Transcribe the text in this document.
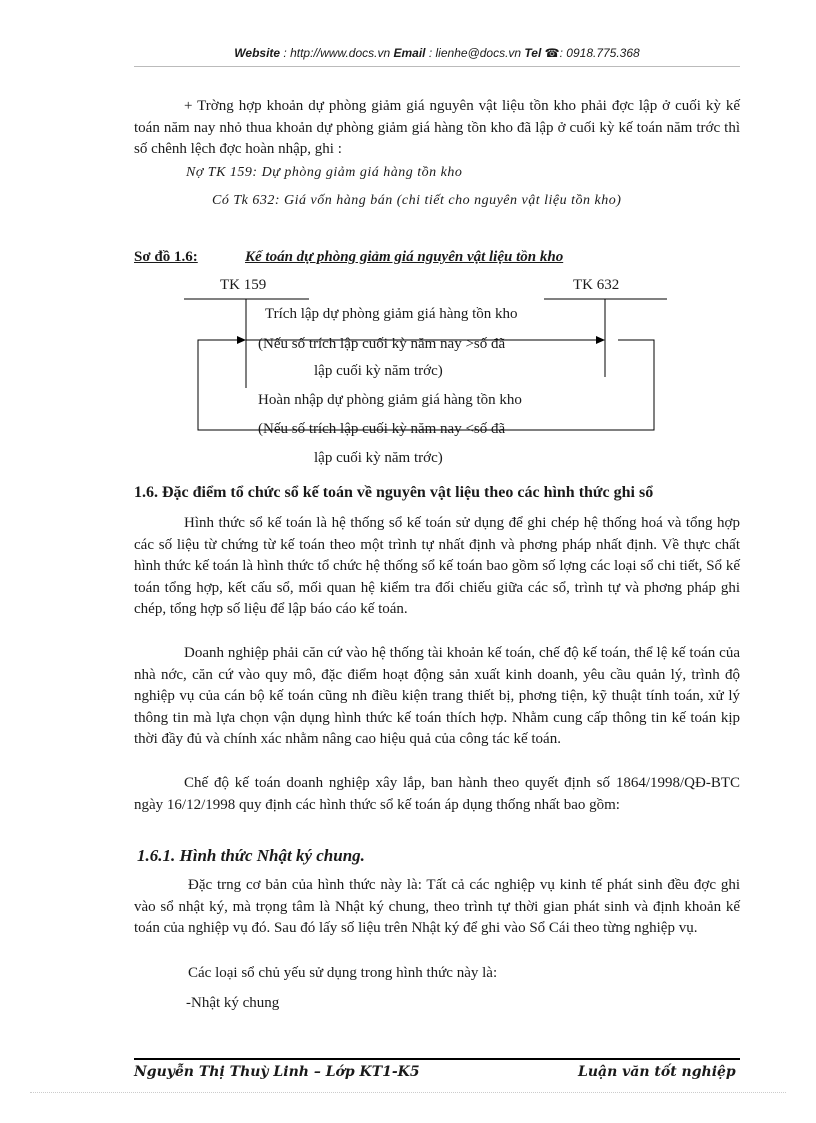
Website : http://www.docs.vn Email : lienhe@docs.vn Tel ☎: 0918.775.368

+ Trờng hợp khoản dự phòng giảm giá nguyên vật liệu tồn kho phải đợc lập ở cuối kỳ kế toán năm nay nhỏ thua khoản dự phòng giảm giá hàng tồn kho đã lập ở cuối kỳ kế toán năm trớc thì số chênh lệch đợc hoàn nhập, ghi :

Nợ TK 159: Dự phòng giảm giá hàng tồn kho
Có Tk 632: Giá vốn hàng bán (chi tiết cho nguyên vật liệu tồn kho)
Sơ đồ 1.6:	Kế toán dự phòng giảm giá nguyên vật liệu tồn kho
TK 159	TK 632
Trích lập dự phòng giảm giá hàng tồn kho
(Nếu số trích lập cuối kỳ năm nay >số đã
lập cuối kỳ năm trớc)
Hoàn nhập dự phòng giảm giá hàng tồn kho
(Nếu số trích lập cuối kỳ năm nay <số đã
lập cuối kỳ năm trớc)
1.6. Đặc điểm tổ chức sổ kế toán về nguyên vật liệu theo các hình thức ghi sổ

Hình thức sổ kế toán là hệ thống sổ kế toán sử dụng để ghi chép hệ thống hoá và tổng hợp các số liệu từ chứng từ kế toán theo một trình tự nhất định và phơng pháp nhất định. Về thực chất hình thức kế toán là hình thức tổ chức hệ thống sổ kế toán bao gồm số lợng các loại sổ chi tiết, Sổ kế toán tổng hợp, kết cấu sổ, mối quan hệ kiểm tra đối chiếu giữa các sổ, trình tự và phơng pháp ghi chép, tổng hợp số liệu để lập báo cáo kế toán.

Doanh nghiệp phải căn cứ vào hệ thống tài khoản kế toán, chế độ kế toán, thể lệ kế toán của nhà nớc, căn cứ vào quy mô, đặc điểm hoạt động sản xuất kinh doanh, yêu cầu quản lý, trình độ nghiệp vụ của cán bộ kế toán cũng nh điều kiện trang thiết bị, phơng tiện, kỹ thuật tính toán, xử lý thông tin mà lựa chọn vận dụng hình thức kế toán thích hợp. Nhằm cung cấp thông tin kế toán kịp thời đầy đủ và chính xác nhằm nâng cao hiệu quả của công tác kế toán.

Chế độ kế toán doanh nghiệp xây lắp, ban hành theo quyết định số 1864/1998/QĐ-BTC ngày 16/12/1998 quy định các hình thức sổ kế toán áp dụng thống nhất bao gồm:

1.6.1. Hình thức Nhật ký chung.

Đặc trng cơ bản của hình thức này là: Tất cả các nghiệp vụ kinh tế phát sinh đều đợc ghi vào sổ nhật ký, mà trọng tâm là Nhật ký chung, theo trình tự thời gian phát sinh và định khoản kế toán của nghiệp vụ đó. Sau đó lấy số liệu trên Nhật ký để ghi vào Sổ Cái theo từng nghiệp vụ.

Các loại sổ chủ yếu sử dụng trong hình thức này là:

-Nhật ký chung

Nguyễn Thị Thuỳ Linh – Lớp KT1-K5	Luận văn tốt nghiệp
